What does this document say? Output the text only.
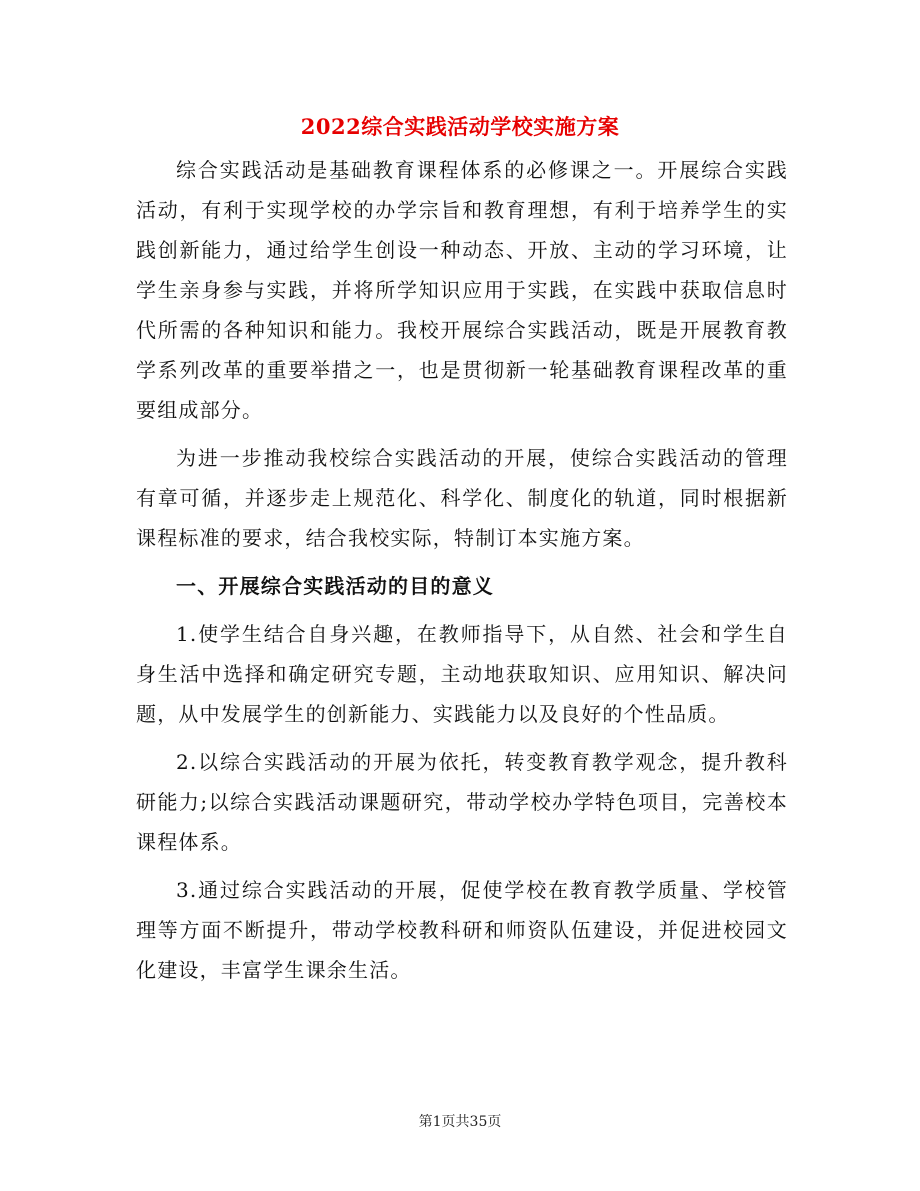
2022综合实践活动学校实施方案

综合实践活动是基础教育课程体系的必修课之一。开展综合实践活动，有利于实现学校的办学宗旨和教育理想，有利于培养学生的实践创新能力，通过给学生创设一种动态、开放、主动的学习环境，让学生亲身参与实践，并将所学知识应用于实践，在实践中获取信息时代所需的各种知识和能力。我校开展综合实践活动，既是开展教育教学系列改革的重要举措之一，也是贯彻新一轮基础教育课程改革的重要组成部分。

为进一步推动我校综合实践活动的开展，使综合实践活动的管理有章可循，并逐步走上规范化、科学化、制度化的轨道，同时根据新课程标准的要求，结合我校实际，特制订本实施方案。

一、开展综合实践活动的目的意义

1.使学生结合自身兴趣，在教师指导下，从自然、社会和学生自身生活中选择和确定研究专题，主动地获取知识、应用知识、解决问题，从中发展学生的创新能力、实践能力以及良好的个性品质。

2.以综合实践活动的开展为依托，转变教育教学观念，提升教科研能力;以综合实践活动课题研究，带动学校办学特色项目，完善校本课程体系。

3.通过综合实践活动的开展，促使学校在教育教学质量、学校管理等方面不断提升，带动学校教科研和师资队伍建设，并促进校园文化建设，丰富学生课余生活。

第1页共35页
